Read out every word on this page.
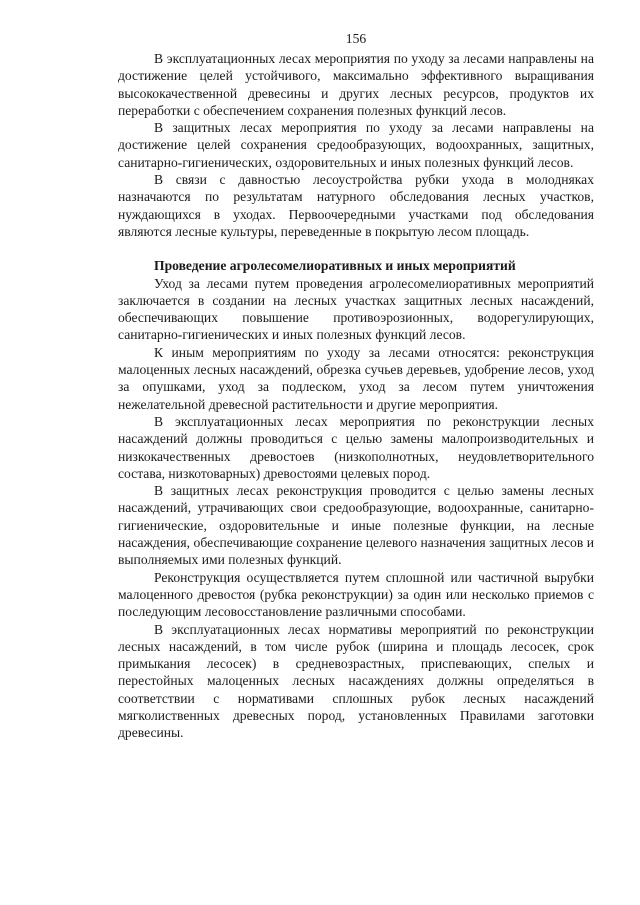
156

В эксплуатационных лесах мероприятия по уходу за лесами направлены на достижение целей устойчивого, максимально эффективного выращивания высококачественной древесины и других лесных ресурсов, продуктов их переработки с обеспечением сохранения полезных функций лесов.

В защитных лесах мероприятия по уходу за лесами направлены на достижение целей сохранения средообразующих, водоохранных, защитных, санитарно-гигиенических, оздоровительных и иных полезных функций лесов.

В связи с давностью лесоустройства рубки ухода в молодняках назначаются по результатам натурного обследования лесных участков, нуждающихся в уходах. Первоочередными участками под обследования являются лесные культуры, переведенные в покрытую лесом площадь.

Проведение агролесомелиоративных и иных мероприятий

Уход за лесами путем проведения агролесомелиоративных мероприятий заключается в создании на лесных участках защитных лесных насаждений, обеспечивающих повышение противоэрозионных, водорегулирующих, санитарно-гигиенических и иных полезных функций лесов.

К иным мероприятиям по уходу за лесами относятся: реконструкция малоценных лесных насаждений, обрезка сучьев деревьев, удобрение лесов, уход за опушками, уход за подлеском, уход за лесом путем уничтожения нежелательной древесной растительности и другие мероприятия.

В эксплуатационных лесах мероприятия по реконструкции лесных насаждений должны проводиться с целью замены малопроизводительных и низкокачественных древостоев (низкополнотных, неудовлетворительного состава, низкотоварных) древостоями целевых пород.

В защитных лесах реконструкция проводится с целью замены лесных насаждений, утрачивающих свои средообразующие, водоохранные, санитарно-гигиенические, оздоровительные и иные полезные функции, на лесные насаждения, обеспечивающие сохранение целевого назначения защитных лесов и выполняемых ими полезных функций.

Реконструкция осуществляется путем сплошной или частичной вырубки малоценного древостоя (рубка реконструкции) за один или несколько приемов с последующим лесовосстановление различными способами.

В эксплуатационных лесах нормативы мероприятий по реконструкции лесных насаждений, в том числе рубок (ширина и площадь лесосек, срок примыкания лесосек) в средневозрастных, приспевающих, спелых и перестойных малоценных лесных насаждениях должны определяться в соответствии с нормативами сплошных рубок лесных насаждений мягколиственных древесных пород, установленных Правилами заготовки древесины.
